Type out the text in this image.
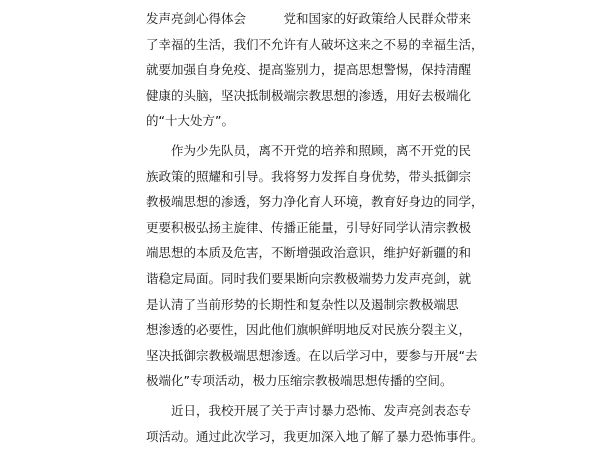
发声亮剑心得体会　　　党和国家的好政策给人民群众带来
了幸福的生活，我们不允许有人破坏这来之不易的幸福生活，
就要加强自身免疫、提高鉴别力，提高思想警惕，保持清醒
健康的头脑，坚决抵制极端宗教思想的渗透，用好去极端化
的“十大处方”。
　　作为少先队员，离不开党的培养和照顾，离不开党的民
族政策的照耀和引导。我将努力发挥自身优势，带头抵御宗
教极端思想的渗透，努力净化育人环境，教育好身边的同学，
更要积极弘扬主旋律、传播正能量，引导好同学认清宗教极
端思想的本质及危害，不断增强政治意识，维护好新疆的和
谐稳定局面。同时我们要果断向宗教极端势力发声亮剑，就
是认清了当前形势的长期性和复杂性以及遏制宗教极端思
想渗透的必要性，因此他们旗帜鲜明地反对民族分裂主义，
坚决抵御宗教极端思想渗透。在以后学习中，要参与开展“去
极端化”专项活动，极力压缩宗教极端思想传播的空间。
　　近日，我校开展了关于声讨暴力恐怖、发声亮剑表态专
项活动。通过此次学习，我更加深入地了解了暴力恐怖事件。
